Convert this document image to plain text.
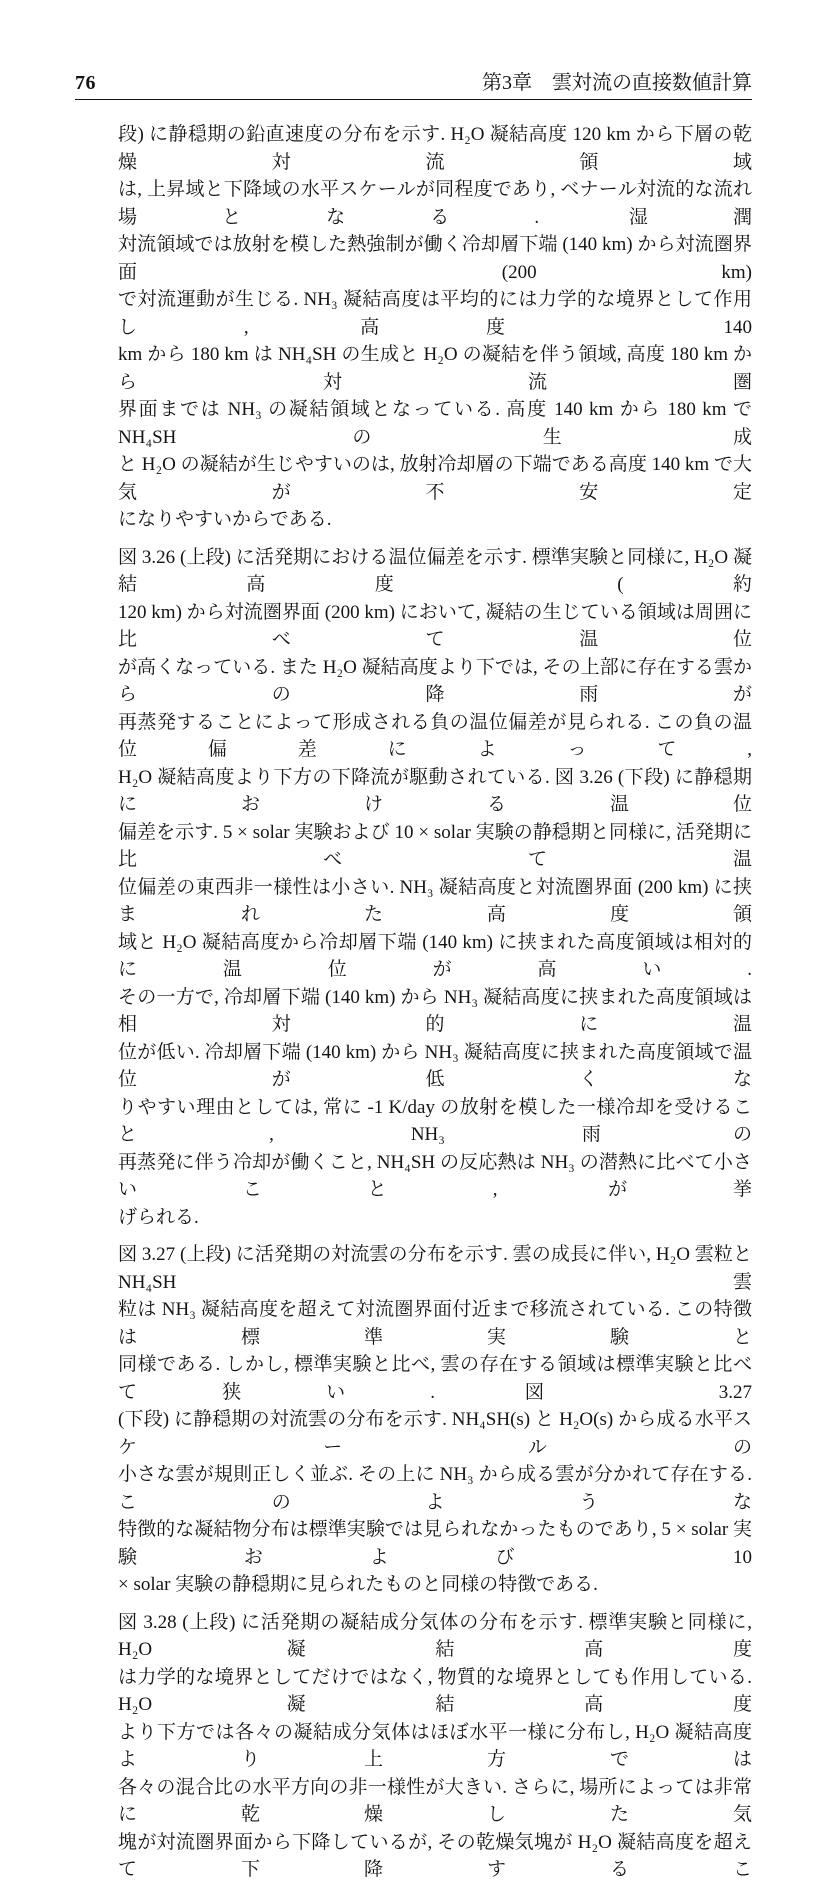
76	第3章　雲対流の直接数値計算
段) に静穏期の鉛直速度の分布を示す. H₂O 凝結高度 120 km から下層の乾燥対流領域
は, 上昇域と下降域の水平スケールが同程度であり, ベナール対流的な流れ場となる. 湿潤
対流領域では放射を模した熱強制が働く冷却層下端 (140 km) から対流圏界面 (200 km)
で対流運動が生じる. NH₃ 凝結高度は平均的には力学的な境界として作用し, 高度 140
km から 180 km は NH₄SH の生成と H₂O の凝結を伴う領域, 高度 180 km から対流圏
界面までは NH₃ の凝結領域となっている. 高度 140 km から 180 km で NH₄SH の生成
と H₂O の凝結が生じやすいのは, 放射冷却層の下端である高度 140 km で大気が不安定
になりやすいからである.
図 3.26 (上段) に活発期における温位偏差を示す. 標準実験と同様に, H₂O 凝結高度 (約
120 km) から対流圏界面 (200 km) において, 凝結の生じている領域は周囲に比べて温位
が高くなっている. また H₂O 凝結高度より下では, その上部に存在する雲からの降雨が
再蒸発することによって形成される負の温位偏差が見られる. この負の温位偏差によって,
H₂O 凝結高度より下方の下降流が駆動されている. 図 3.26 (下段) に静穏期における温位
偏差を示す. 5 × solar 実験および 10 × solar 実験の静穏期と同様に, 活発期に比べて温
位偏差の東西非一様性は小さい. NH₃ 凝結高度と対流圏界面 (200 km) に挟まれた高度領
域と H₂O 凝結高度から冷却層下端 (140 km) に挟まれた高度領域は相対的に温位が高い.
その一方で, 冷却層下端 (140 km) から NH₃ 凝結高度に挟まれた高度領域は相対的に温
位が低い. 冷却層下端 (140 km) から NH₃ 凝結高度に挟まれた高度領域で温位が低くな
りやすい理由としては, 常に -1 K/day の放射を模した一様冷却を受けること, NH₃ 雨の
再蒸発に伴う冷却が働くこと, NH₄SH の反応熱は NH₃ の潜熱に比べて小さいこと, が挙
げられる.
図 3.27 (上段) に活発期の対流雲の分布を示す. 雲の成長に伴い, H₂O 雲粒と NH₄SH 雲
粒は NH₃ 凝結高度を超えて対流圏界面付近まで移流されている. この特徴は標準実験と
同様である. しかし, 標準実験と比べ, 雲の存在する領域は標準実験と比べて狭い. 図 3.27
(下段) に静穏期の対流雲の分布を示す. NH₄SH(s) と H₂O(s) から成る水平スケールの
小さな雲が規則正しく並ぶ. その上に NH₃ から成る雲が分かれて存在する. このような
特徴的な凝結物分布は標準実験では見られなかったものであり, 5 × solar 実験および 10
× solar 実験の静穏期に見られたものと同様の特徴である.
図 3.28 (上段) に活発期の凝結成分気体の分布を示す. 標準実験と同様に, H₂O 凝結高度
は力学的な境界としてだけではなく, 物質的な境界としても作用している. H₂O 凝結高度
より下方では各々の凝結成分気体はほぼ水平一様に分布し, H₂O 凝結高度より上方では
各々の混合比の水平方向の非一様性が大きい. さらに, 場所によっては非常に乾燥した気
塊が対流圏界面から下降しているが, その乾燥気塊が H₂O 凝結高度を超えて下降するこ
